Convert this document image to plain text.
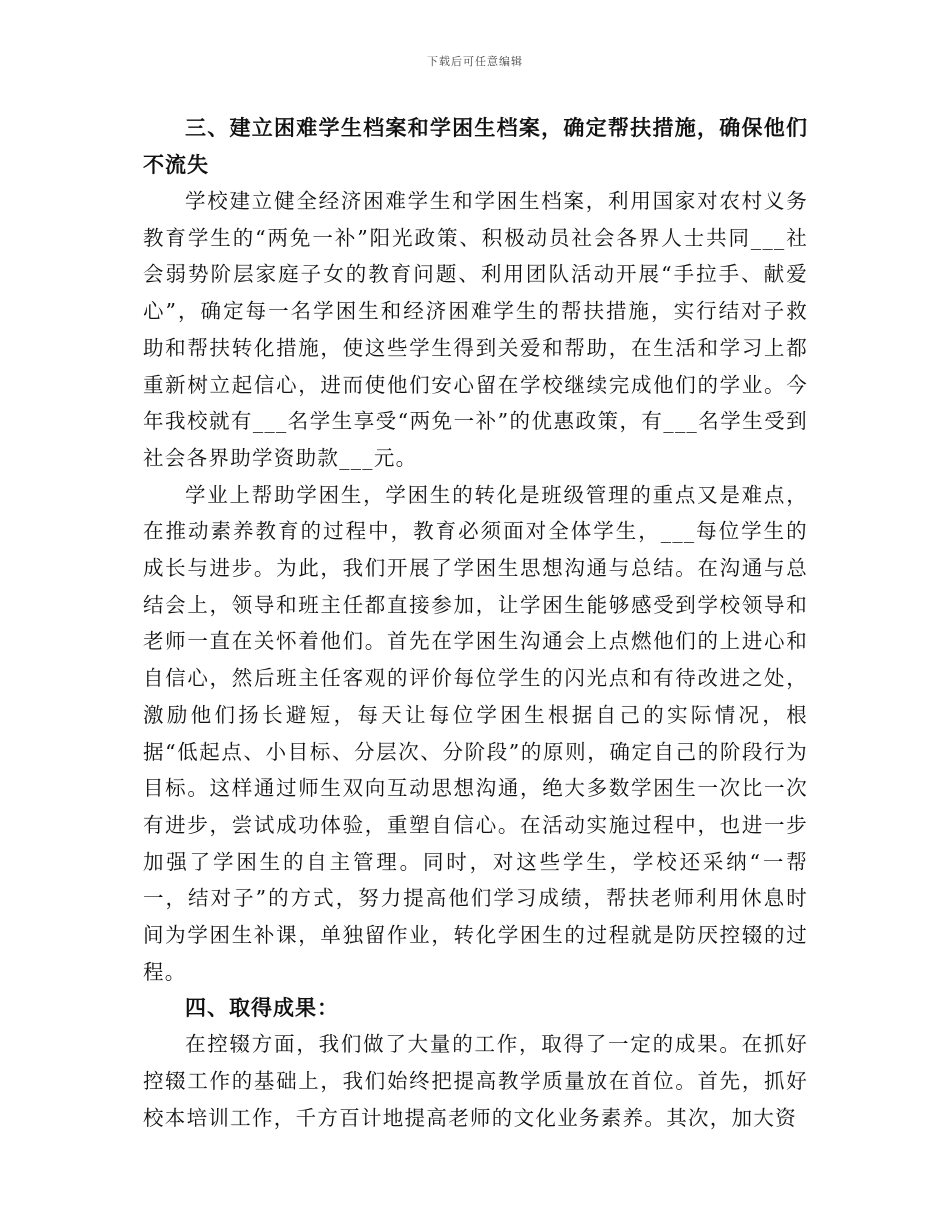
下载后可任意编辑

三、建立困难学生档案和学困生档案，确定帮扶措施，确保他们不流失

学校建立健全经济困难学生和学困生档案，利用国家对农村义务教育学生的“两免一补”阳光政策、积极动员社会各界人士共同___社会弱势阶层家庭子女的教育问题、利用团队活动开展“手拉手、献爱心”，确定每一名学困生和经济困难学生的帮扶措施，实行结对子救助和帮扶转化措施，使这些学生得到关爱和帮助，在生活和学习上都重新树立起信心，进而使他们安心留在学校继续完成他们的学业。今年我校就有___名学生享受“两免一补”的优惠政策，有___名学生受到社会各界助学资助款___元。

学业上帮助学困生，学困生的转化是班级管理的重点又是难点，在推动素养教育的过程中，教育必须面对全体学生，___每位学生的成长与进步。为此，我们开展了学困生思想沟通与总结。在沟通与总结会上，领导和班主任都直接参加，让学困生能够感受到学校领导和老师一直在关怀着他们。首先在学困生沟通会上点燃他们的上进心和自信心，然后班主任客观的评价每位学生的闪光点和有待改进之处，激励他们扬长避短，每天让每位学困生根据自己的实际情况，根据“低起点、小目标、分层次、分阶段”的原则，确定自己的阶段行为目标。这样通过师生双向互动思想沟通，绝大多数学困生一次比一次有进步，尝试成功体验，重塑自信心。在活动实施过程中，也进一步加强了学困生的自主管理。同时，对这些学生，学校还采纳“一帮一，结对子”的方式，努力提高他们学习成绩，帮扶老师利用休息时间为学困生补课，单独留作业，转化学困生的过程就是防厌控辍的过程。

四、取得成果：

在控辍方面，我们做了大量的工作，取得了一定的成果。在抓好控辍工作的基础上，我们始终把提高教学质量放在首位。首先，抓好校本培训工作，千方百计地提高老师的文化业务素养。其次，加大资
